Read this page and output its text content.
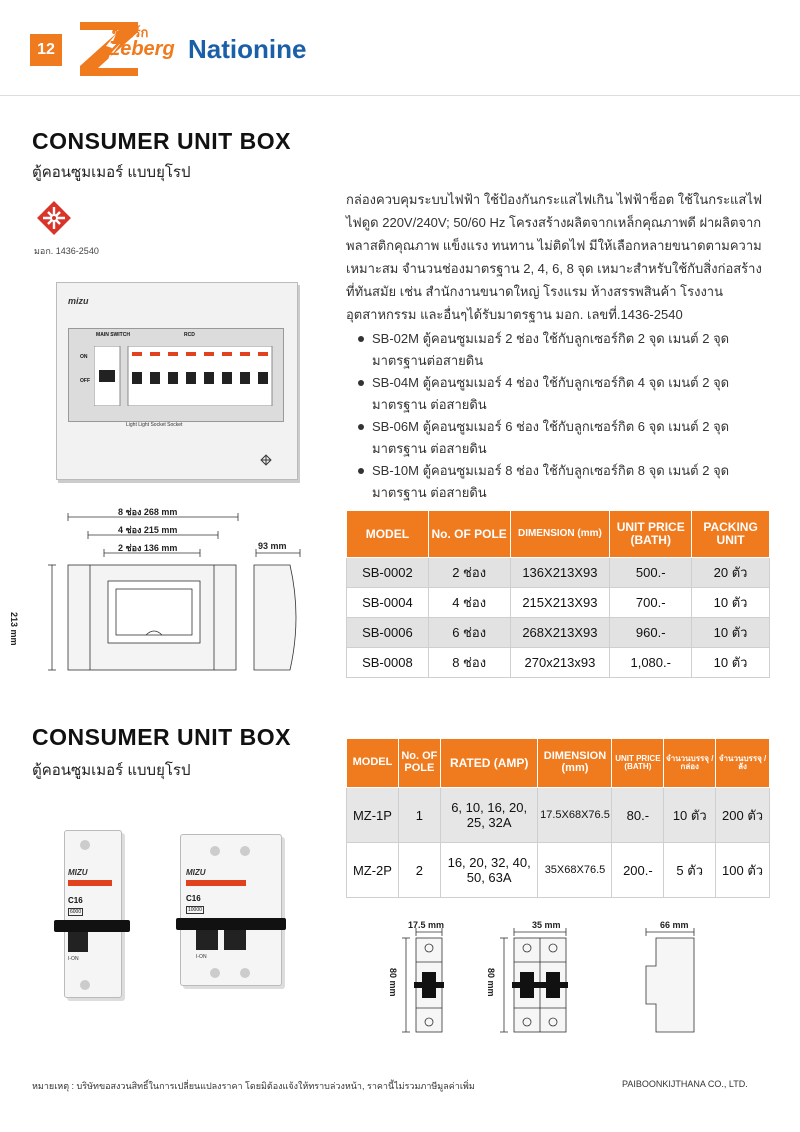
12
ซีเบิร์ก
Zeberg Nationine
CONSUMER UNIT BOX
ตู้คอนซูมเมอร์ แบบยุโรป
มอก. 1436-2540
mizu
MAIN SWITCH	RCD
ON
OFF
Light Light Socket Socket
กล่องควบคุมระบบไฟฟ้า ใช้ป้องกันกระแสไฟเกิน ไฟฟ้าช็อต ใช้ในกระแสไฟ ไฟดูด 220V/240V; 50/60 Hz โครงสร้างผลิตจากเหล็กคุณภาพดี ฝาผลิตจากพลาสติกคุณภาพ แข็งแรง ทนทาน ไม่ติดไฟ มีให้เลือกหลายขนาดตามความเหมาะสม จำนวนช่องมาตรฐาน 2, 4, 6, 8 จุด เหมาะสำหรับใช้กับสิ่งก่อสร้างที่ทันสมัย เช่น สำนักงานขนาดใหญ่ โรงแรม ห้างสรรพสินค้า โรงงานอุตสาหกรรม และอื่นๆได้รับมาตรฐาน มอก. เลขที่.1436-2540
SB-02M ตู้คอนซูมเมอร์ 2 ช่อง ใช้กับลูกเซอร์กิต 2 จุด เมนต์ 2 จุด มาตรฐานต่อสายดิน
SB-04M ตู้คอนซูมเมอร์ 4 ช่อง ใช้กับลูกเซอร์กิต 4 จุด เมนต์ 2 จุด มาตรฐาน ต่อสายดิน
SB-06M ตู้คอนซูมเมอร์ 6 ช่อง ใช้กับลูกเซอร์กิต 6 จุด เมนต์ 2 จุด มาตรฐาน ต่อสายดิน
SB-10M ตู้คอนซูมเมอร์ 8 ช่อง ใช้กับลูกเซอร์กิต 8 จุด เมนต์ 2 จุด มาตรฐาน ต่อสายดิน
8 ช่อง 268 mm
4 ช่อง 215 mm
2 ช่อง 136 mm	93 mm
213 mm
MODEL	No. OF POLE	DIMENSION (mm)	UNIT PRICE (BATH)	PACKING UNIT
SB-0002	2 ช่อง	136X213X93	500.-	20 ตัว
SB-0004	4 ช่อง	215X213X93	700.-	10 ตัว
SB-0006	6 ช่อง	268X213X93	960.-	10 ตัว
SB-0008	8 ช่อง	270x213x93	1,080.-	10 ตัว
CONSUMER UNIT BOX
ตู้คอนซูมเมอร์ แบบยุโรป
MIZU
C16
6000
I-ON
MIZU
C16
10000
I-ON
MODEL	No. OF POLE	RATED (AMP)	DIMENSION (mm)	UNIT PRICE (BATH)	จำนวนบรรจุ /กล่อง	จำนวนบรรจุ /ลัง
MZ-1P	1	6, 10, 16, 20, 25, 32A	17.5X68X76.5	80.-	10 ตัว	200 ตัว
MZ-2P	2	16, 20, 32, 40, 50, 63A	35X68X76.5	200.-	5 ตัว	100 ตัว
17.5 mm	35 mm	66 mm
80 mm	80 mm
หมายเหตุ : บริษัทขอสงวนสิทธิ์ในการเปลี่ยนแปลงราคา โดยมิต้องแจ้งให้ทราบล่วงหน้า, ราคานี้ไม่รวมภาษีมูลค่าเพิ่ม	PAIBOONKIJTHANA CO., LTD.
